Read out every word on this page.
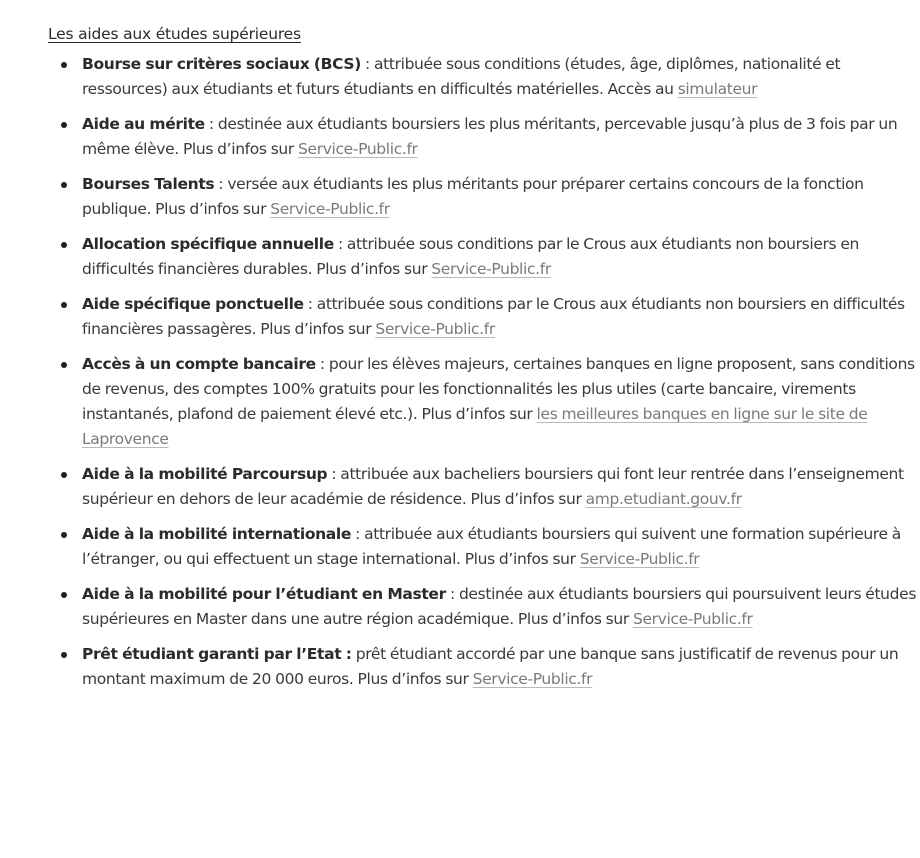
Les aides aux études supérieures
Bourse sur critères sociaux (BCS) : attribuée sous conditions (études, âge, diplômes, nationalité et ressources) aux étudiants et futurs étudiants en difficultés matérielles. Accès au simulateur
Aide au mérite : destinée aux étudiants boursiers les plus méritants, percevable jusqu’à plus de 3 fois par un même élève. Plus d’infos sur Service-Public.fr
Bourses Talents : versée aux étudiants les plus méritants pour préparer certains concours de la fonction publique. Plus d’infos sur Service-Public.fr
Allocation spécifique annuelle : attribuée sous conditions par le Crous aux étudiants non boursiers en difficultés financières durables. Plus d’infos sur Service-Public.fr
Aide spécifique ponctuelle : attribuée sous conditions par le Crous aux étudiants non boursiers en difficultés financières passagères. Plus d’infos sur Service-Public.fr
Accès à un compte bancaire : pour les élèves majeurs, certaines banques en ligne proposent, sans conditions de revenus, des comptes 100% gratuits pour les fonctionnalités les plus utiles (carte bancaire, virements instantanés, plafond de paiement élevé etc.). Plus d’infos sur les meilleures banques en ligne sur le site de Laprovence
Aide à la mobilité Parcoursup : attribuée aux bacheliers boursiers qui font leur rentrée dans l’enseignement supérieur en dehors de leur académie de résidence. Plus d’infos sur amp.etudiant.gouv.fr
Aide à la mobilité internationale : attribuée aux étudiants boursiers qui suivent une formation supérieure à l’étranger, ou qui effectuent un stage international. Plus d’infos sur Service-Public.fr
Aide à la mobilité pour l’étudiant en Master : destinée aux étudiants boursiers qui poursuivent leurs études supérieures en Master dans une autre région académique. Plus d’infos sur Service-Public.fr
Prêt étudiant garanti par l’Etat : prêt étudiant accordé par une banque sans justificatif de revenus pour un montant maximum de 20 000 euros. Plus d’infos sur Service-Public.fr
